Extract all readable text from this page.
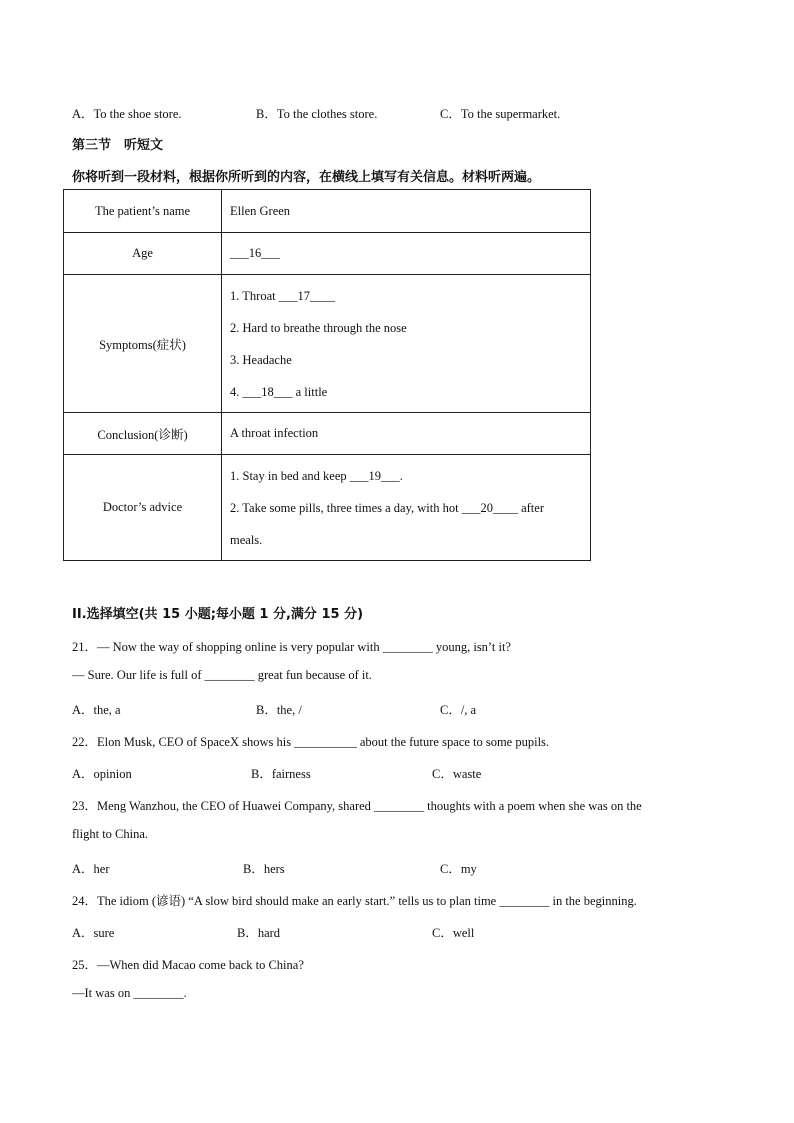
A．To the shoe store.	B．To the clothes store.	C．To the supermarket.
第三节　听短文
你将听到一段材料，根据你所听到的内容，在横线上填写有关信息。材料听两遍。
The patient’s name	Ellen Green
Age	___16___
Symptoms(症状)	1. Throat ___17____
2. Hard to breathe through the nose
3. Headache
4. ___18___ a little

Conclusion(诊断)	A throat infection
Doctor’s advice	1. Stay in bed and keep ___19___.
2. Take some pills, three times a day, with hot ___20____ after
meals.
II.选择填空(共 15 小题;每小题 1 分,满分 15 分)
21．— Now the way of shopping online is very popular with ________ young, isn’t it?
— Sure. Our life is full of ________ great fun because of it.
A．the, a	B．the, /	C．/, a
22．Elon Musk, CEO of SpaceX shows his __________ about the future space to some pupils.
A．opinion	B．fairness	C．waste
23．Meng Wanzhou, the CEO of Huawei Company, shared ________ thoughts with a poem when she was on the
flight to China.
A．her	B．hers	C．my
24．The idiom (谚语) “A slow bird should make an early start.” tells us to plan time ________ in the beginning.
A．sure	B．hard	C．well
25．—When did Macao come back to China?
—It was on ________.
